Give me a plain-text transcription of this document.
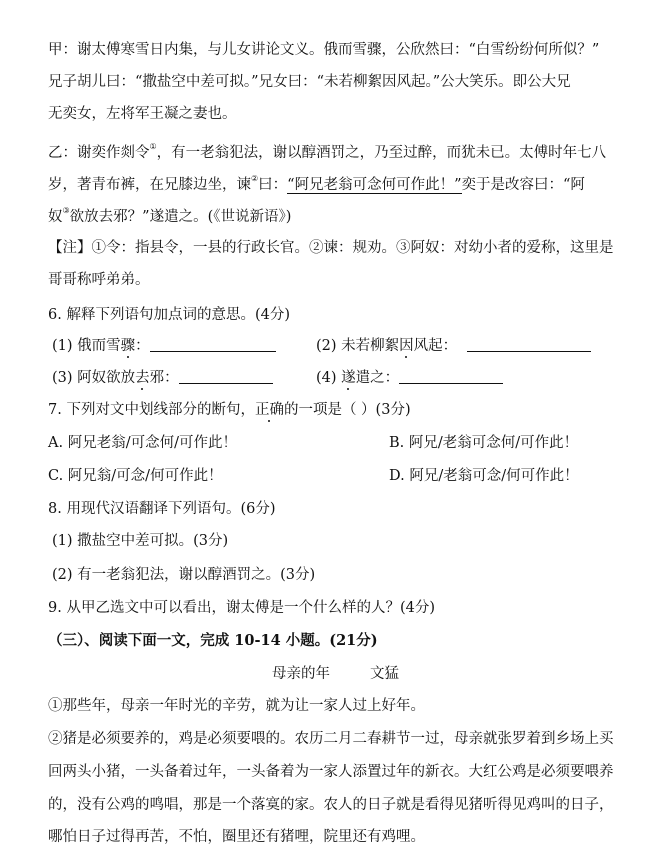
甲：谢太傅寒雪日内集，与儿女讲论文义。俄而雪骤，公欣然曰：“白雪纷纷何所似？”
兄子胡儿曰：“撒盐空中差可拟。”兄女曰：“未若柳絮因风起。”公大笑乐。即公大兄
无奕女，左将军王凝之妻也。
乙：谢奕作剡令①，有一老翁犯法，谢以醇酒罚之，乃至过醉，而犹未已。太傅时年七八
岁，著青布裤，在兄膝边坐，谏②曰：“阿兄老翁可念何可作此！”奕于是改容曰：“阿
奴③欲放去邪？”遂遣之。(《世说新语》)
【注】①令：指县令，一县的行政长官。②谏：规劝。③阿奴：对幼小者的爱称，这里是
哥哥称呼弟弟。
6. 解释下列语句加点词的意思。(4分)
(1) 俄而雪骤：	(2) 未若柳絮因风起：
(3) 阿奴欲放去邪：	(4) 遂遣之：
7. 下列对文中划线部分的断句，正确的一项是（ ）(3分)
A. 阿兄老翁/可念何/可作此！	B. 阿兄/老翁可念何/可作此！
C. 阿兄翁/可念/何可作此！	D. 阿兄/老翁可念/何可作此！
8. 用现代汉语翻译下列语句。(6分)
(1) 撒盐空中差可拟。(3分)
(2) 有一老翁犯法，谢以醇酒罚之。(3分)
9. 从甲乙选文中可以看出，谢太傅是一个什么样的人？(4分)
（三）、阅读下面一文，完成 10-14 小题。(21分)
母亲的年	文猛
①那些年，母亲一年时光的辛劳，就为让一家人过上好年。
②猪是必须要养的，鸡是必须要喂的。农历二月二春耕节一过，母亲就张罗着到乡场上买
回两头小猪，一头备着过年，一头备着为一家人添置过年的新衣。大红公鸡是必须要喂养
的，没有公鸡的鸣唱，那是一个落寞的家。农人的日子就是看得见猪听得见鸡叫的日子，
哪怕日子过得再苦，不怕，圈里还有猪哩，院里还有鸡哩。
